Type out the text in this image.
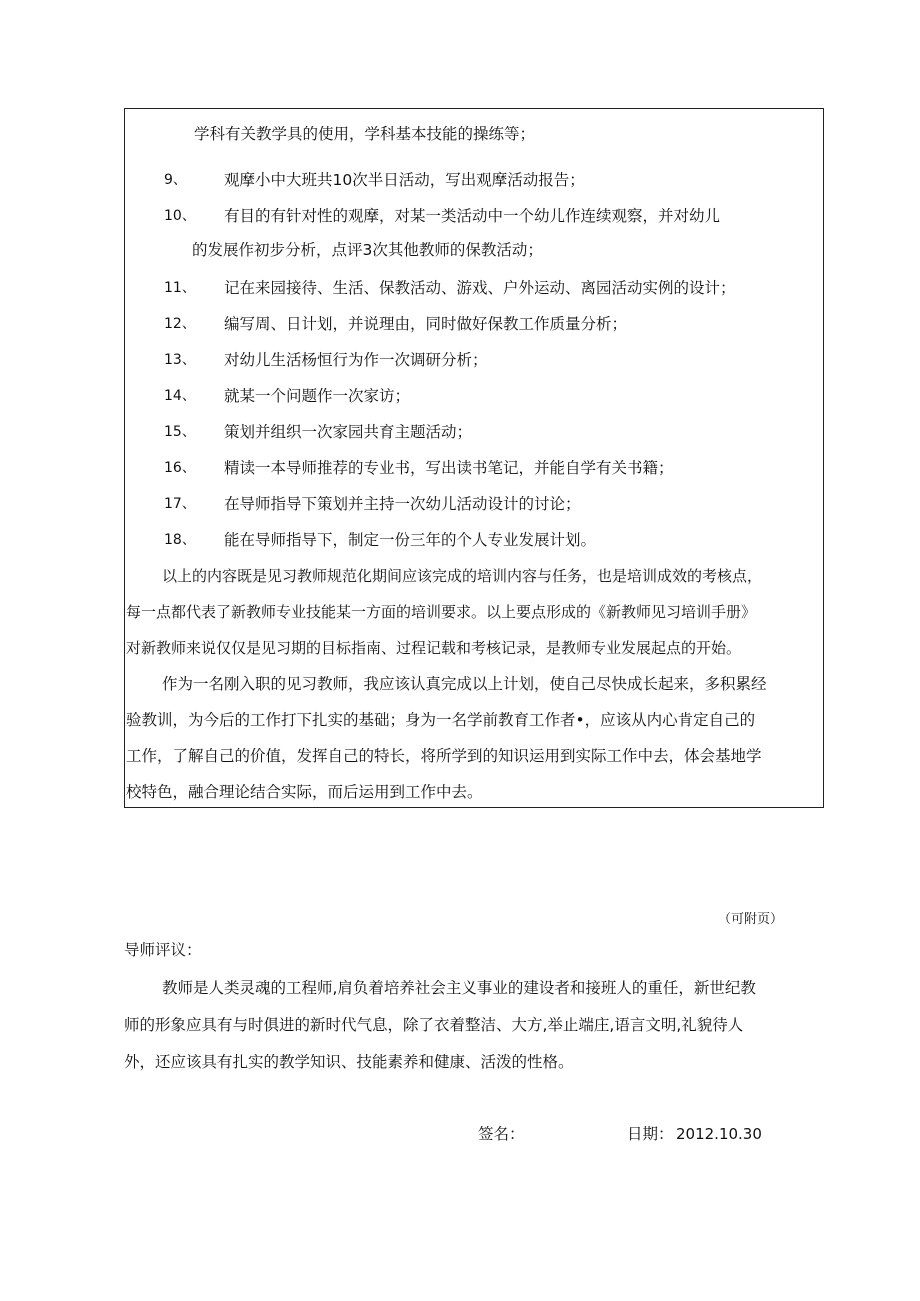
学科有关教学具的使用，学科基本技能的操练等；
9、 观摩小中大班共10次半日活动，写出观摩活动报告；
10、 有目的有针对性的观摩，对某一类活动中一个幼儿作连续观察，并对幼儿
的发展作初步分析，点评3次其他教师的保教活动；
11、 记在来园接待、生活、保教活动、游戏、户外运动、离园活动实例的设计；
12、 编写周、日计划，并说理由，同时做好保教工作质量分析；
13、 对幼儿生活杨恒行为作一次调研分析；
14、 就某一个问题作一次家访；
15、 策划并组织一次家园共育主题活动；
16、 精读一本导师推荐的专业书，写出读书笔记，并能自学有关书籍；
17、 在导师指导下策划并主持一次幼儿活动设计的讨论；
18、 能在导师指导下，制定一份三年的个人专业发展计划。
以上的内容既是见习教师规范化期间应该完成的培训内容与任务，也是培训成效的考核点，
每一点都代表了新教师专业技能某一方面的培训要求。以上要点形成的《新教师见习培训手册》
对新教师来说仅仅是见习期的目标指南、过程记载和考核记录，是教师专业发展起点的开始。
作为一名刚入职的见习教师，我应该认真完成以上计划，使自己尽快成长起来，多积累经
验教训，为今后的工作打下扎实的基础；身为一名学前教育工作者•，应该从内心肯定自己的
工作，了解自己的价值，发挥自己的特长，将所学到的知识运用到实际工作中去，体会基地学
校特色，融合理论结合实际，而后运用到工作中去。
（可附页）
导师评议：
教师是人类灵魂的工程师,肩负着培养社会主义事业的建设者和接班人的重任，新世纪教
师的形象应具有与时俱进的新时代气息，除了衣着整洁、大方,举止端庄,语言文明,礼貌待人
外，还应该具有扎实的教学知识、技能素养和健康、活泼的性格。
签名：	日期： 2012.10.30
